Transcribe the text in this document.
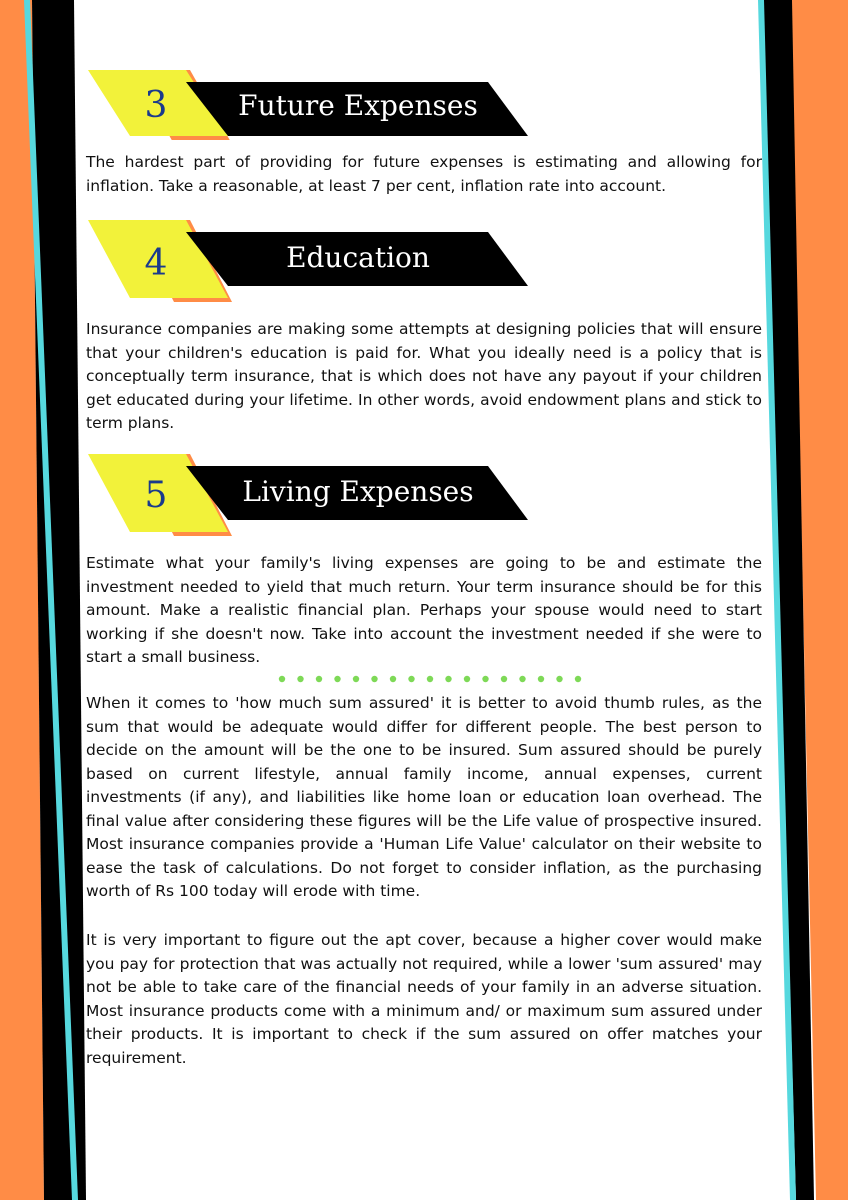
3	Future Expenses

The hardest part of providing for future expenses is estimating and allowing for inflation. Take a reasonable, at least 7 per cent, inflation rate into account.

4	Education

Insurance companies are making some attempts at designing policies that will ensure that your children's education is paid for. What you ideally need is a policy that is conceptually term insurance, that is which does not have any payout if your children get educated during your lifetime. In other words, avoid endowment plans and stick to term plans.

5	Living Expenses

Estimate what your family's living expenses are going to be and estimate the investment needed to yield that much return. Your term insurance should be for this amount. Make a realistic financial plan. Perhaps your spouse would need to start working if she doesn't now. Take into account the investment needed if she were to start a small business.

When it comes to 'how much sum assured' it is better to avoid thumb rules, as the sum that would be adequate would differ for different people. The best person to decide on the amount will be the one to be insured. Sum assured should be purely based on current lifestyle, annual family income, annual expenses, current investments (if any), and liabilities like home loan or education loan overhead. The final value after considering these figures will be the Life value of prospective insured. Most insurance companies provide a 'Human Life Value' calculator on their website to ease the task of calculations. Do not forget to consider inflation, as the purchasing worth of Rs 100 today will erode with time.

It is very important to figure out the apt cover, because a higher cover would make you pay for protection that was actually not required, while a lower 'sum assured' may not be able to take care of the financial needs of your family in an adverse situation. Most insurance products come with a minimum and/ or maximum sum assured under their products. It is important to check if the sum assured on offer matches your requirement.
